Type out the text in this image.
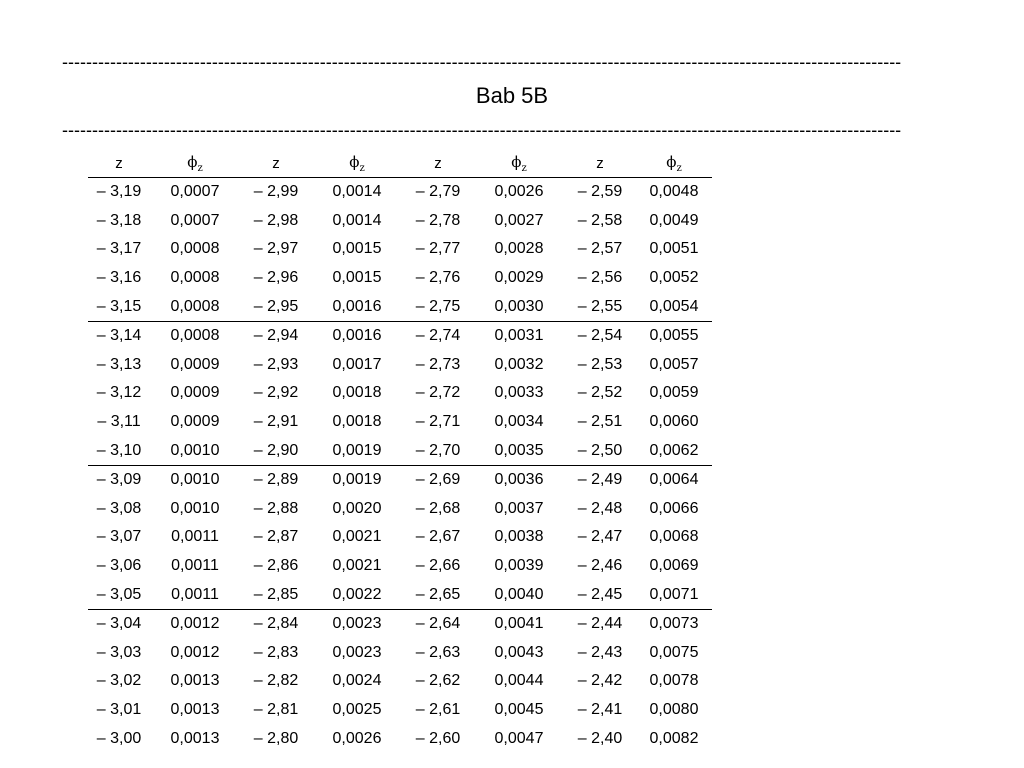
--------------------------------------------------------------------------------------------------------------------------------------------
Bab 5B
--------------------------------------------------------------------------------------------------------------------------------------------
z	$\phi_z$	z	$\phi_z$	z	$\phi_z$	z	$\phi_z$
– 3,19	0,0007	– 2,99	0,0014	– 2,79	0,0026	– 2,59	0,0048
– 3,18	0,0007	– 2,98	0,0014	– 2,78	0,0027	– 2,58	0,0049
– 3,17	0,0008	– 2,97	0,0015	– 2,77	0,0028	– 2,57	0,0051
– 3,16	0,0008	– 2,96	0,0015	– 2,76	0,0029	– 2,56	0,0052
– 3,15	0,0008	– 2,95	0,0016	– 2,75	0,0030	– 2,55	0,0054
– 3,14	0,0008	– 2,94	0,0016	– 2,74	0,0031	– 2,54	0,0055
– 3,13	0,0009	– 2,93	0,0017	– 2,73	0,0032	– 2,53	0,0057
– 3,12	0,0009	– 2,92	0,0018	– 2,72	0,0033	– 2,52	0,0059
– 3,11	0,0009	– 2,91	0,0018	– 2,71	0,0034	– 2,51	0,0060
– 3,10	0,0010	– 2,90	0,0019	– 2,70	0,0035	– 2,50	0,0062
– 3,09	0,0010	– 2,89	0,0019	– 2,69	0,0036	– 2,49	0,0064
– 3,08	0,0010	– 2,88	0,0020	– 2,68	0,0037	– 2,48	0,0066
– 3,07	0,0011	– 2,87	0,0021	– 2,67	0,0038	– 2,47	0,0068
– 3,06	0,0011	– 2,86	0,0021	– 2,66	0,0039	– 2,46	0,0069
– 3,05	0,0011	– 2,85	0,0022	– 2,65	0,0040	– 2,45	0,0071
– 3,04	0,0012	– 2,84	0,0023	– 2,64	0,0041	– 2,44	0,0073
– 3,03	0,0012	– 2,83	0,0023	– 2,63	0,0043	– 2,43	0,0075
– 3,02	0,0013	– 2,82	0,0024	– 2,62	0,0044	– 2,42	0,0078
– 3,01	0,0013	– 2,81	0,0025	– 2,61	0,0045	– 2,41	0,0080
– 3,00	0,0013	– 2,80	0,0026	– 2,60	0,0047	– 2,40	0,0082
